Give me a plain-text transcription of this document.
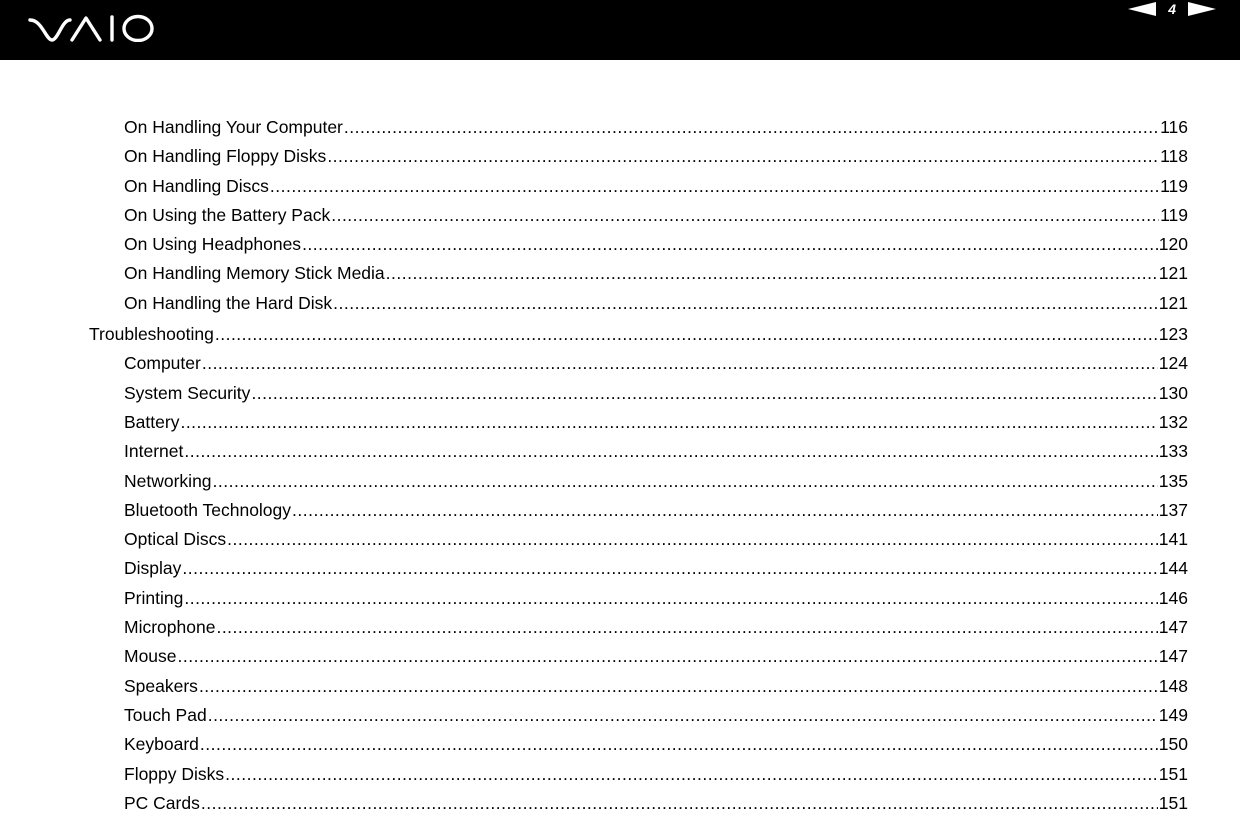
4
On Handling Your Computer .....	116
On Handling Floppy Disks .....	118
On Handling Discs .....	119
On Using the Battery Pack .....	119
On Using Headphones .....	120
On Handling Memory Stick Media .....	121
On Handling the Hard Disk .....	121
Troubleshooting .....	123
Computer .....	124
System Security .....	130
Battery .....	132
Internet .....	133
Networking .....	135
Bluetooth Technology .....	137
Optical Discs .....	141
Display .....	144
Printing .....	146
Microphone .....	147
Mouse .....	147
Speakers .....	148
Touch Pad .....	149
Keyboard .....	150
Floppy Disks .....	151
PC Cards .....	151
